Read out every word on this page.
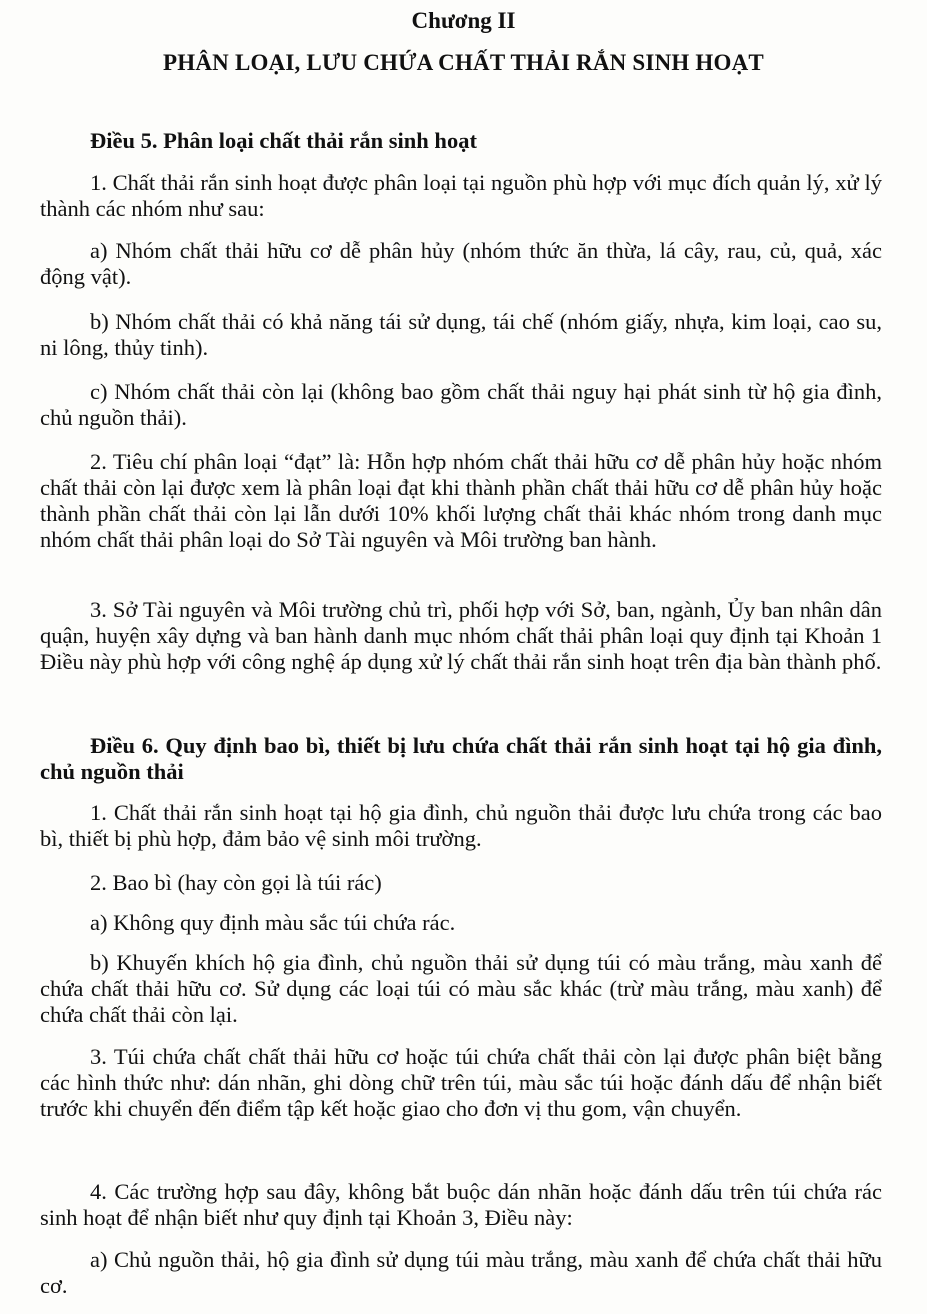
Chương II
PHÂN LOẠI, LƯU CHỨA CHẤT THẢI RẮN SINH HOẠT
Điều 5. Phân loại chất thải rắn sinh hoạt
1. Chất thải rắn sinh hoạt được phân loại tại nguồn phù hợp với mục đích quản lý, xử lý thành các nhóm như sau:
a) Nhóm chất thải hữu cơ dễ phân hủy (nhóm thức ăn thừa, lá cây, rau, củ, quả, xác động vật).
b) Nhóm chất thải có khả năng tái sử dụng, tái chế (nhóm giấy, nhựa, kim loại, cao su, ni lông, thủy tinh).
c) Nhóm chất thải còn lại (không bao gồm chất thải nguy hại phát sinh từ hộ gia đình, chủ nguồn thải).
2. Tiêu chí phân loại “đạt” là: Hỗn hợp nhóm chất thải hữu cơ dễ phân hủy hoặc nhóm chất thải còn lại được xem là phân loại đạt khi thành phần chất thải hữu cơ dễ phân hủy hoặc thành phần chất thải còn lại lẫn dưới 10% khối lượng chất thải khác nhóm trong danh mục nhóm chất thải phân loại do Sở Tài nguyên và Môi trường ban hành.
3. Sở Tài nguyên và Môi trường chủ trì, phối hợp với Sở, ban, ngành, Ủy ban nhân dân quận, huyện xây dựng và ban hành danh mục nhóm chất thải phân loại quy định tại Khoản 1 Điều này phù hợp với công nghệ áp dụng xử lý chất thải rắn sinh hoạt trên địa bàn thành phố.
Điều 6. Quy định bao bì, thiết bị lưu chứa chất thải rắn sinh hoạt tại hộ gia đình, chủ nguồn thải
1. Chất thải rắn sinh hoạt tại hộ gia đình, chủ nguồn thải được lưu chứa trong các bao bì, thiết bị phù hợp, đảm bảo vệ sinh môi trường.
2. Bao bì (hay còn gọi là túi rác)
a) Không quy định màu sắc túi chứa rác.
b) Khuyến khích hộ gia đình, chủ nguồn thải sử dụng túi có màu trắng, màu xanh để chứa chất thải hữu cơ. Sử dụng các loại túi có màu sắc khác (trừ màu trắng, màu xanh) để chứa chất thải còn lại.
3. Túi chứa chất chất thải hữu cơ hoặc túi chứa chất thải còn lại được phân biệt bằng các hình thức như: dán nhãn, ghi dòng chữ trên túi, màu sắc túi hoặc đánh dấu để nhận biết trước khi chuyển đến điểm tập kết hoặc giao cho đơn vị thu gom, vận chuyển.
4. Các trường hợp sau đây, không bắt buộc dán nhãn hoặc đánh dấu trên túi chứa rác sinh hoạt để nhận biết như quy định tại Khoản 3, Điều này:
a) Chủ nguồn thải, hộ gia đình sử dụng túi màu trắng, màu xanh để chứa chất thải hữu cơ.
